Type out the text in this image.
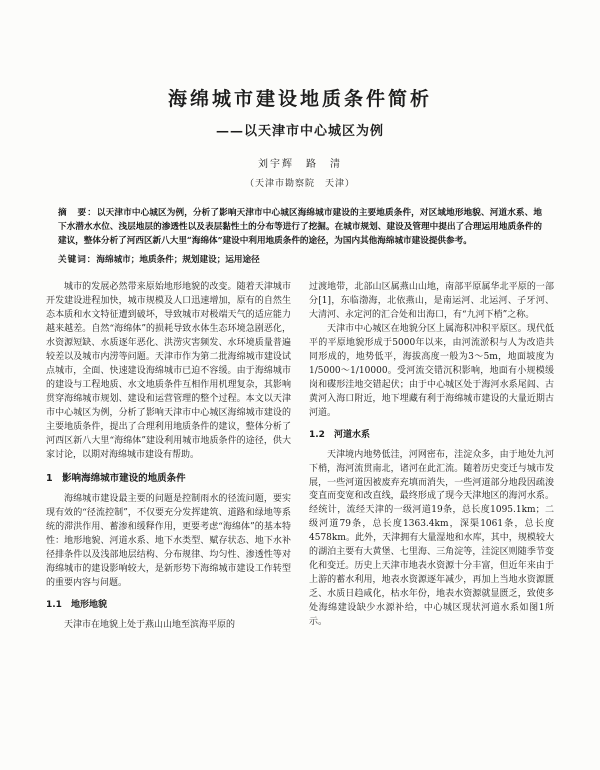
海绵城市建设地质条件简析
——以天津市中心城区为例
刘宇辉　路　清
（天津市勘察院　天津）
摘　要：以天津市中心城区为例，分析了影响天津市中心城区海绵城市建设的主要地质条件，对区域地形地貌、河道水系、地下水潜水水位、浅层地层的渗透性以及表层黏性土的分布等进行了挖掘。在城市规划、建设及管理中提出了合理运用地质条件的建议，整体分析了河西区新八大里“海绵体”建设中利用地质条件的途径，为国内其他海绵城市建设提供参考。
关键词：海绵城市；地质条件；规划建设；运用途径

城市的发展必然带来原始地形地貌的改变。随着天津城市开发建设进程加快，城市规模及人口迅速增加，原有的自然生态本质和水文特征遭到破坏，导致城市对极端天气的适应能力越来越差。自然“海绵体”的损耗导致水体生态环境急剧恶化，水资源短缺、水质逐年恶化、洪涝灾害频发、水环境质量普遍较差以及城市内涝等问题。天津市作为第二批海绵城市建设试点城市，全面、快速建设海绵城市已迫不容缓。由于海绵城市的建设与工程地质、水文地质条件互相作用机理复杂，其影响贯穿海绵城市规划、建设和运营管理的整个过程。本文以天津市中心城区为例，分析了影响天津市中心城区海绵城市建设的主要地质条件，提出了合理利用地质条件的建议，整体分析了河西区新八大里“海绵体”建设利用城市地质条件的途径，供大家讨论，以期对海绵城市建设有帮助。

1　影响海绵城市建设的地质条件

海绵城市建设最主要的问题是控制雨水的径流问题，要实现有效的“径流控制”，不仅要充分发挥建筑、道路和绿地等系统的滞洪作用、蓄渗和缓释作用，更要考虑“海绵体”的基本特性：地形地貌、河道水系、地下水类型、赋存状态、地下水补径排条件以及浅部地层结构、分布规律、均匀性、渗透性等对海绵城市的建设影响较大，是新形势下海绵城市建设工作转型的重要内容与问题。

1.1　地形地貌

天津市在地貌上处于燕山山地至滨海平原的

过渡地带，北部山区属燕山山地，南部平原属华北平原的一部分[1]，东临渤海，北依燕山，是南运河、北运河、子牙河、大清河、永定河的汇合处和出海口，有“九河下梢”之称。

天津市中心城区在地貌分区上属海积冲积平原区。现代低平的平原地貌形成于5000年以来，由河流淤积与人为改造共同形成的，地势低平，海拔高度一般为3～5m，地面坡度为1/5000～1/10000。受河流交错沉积影响，地面有小规模缓岗和碟形洼地交错起伏；由于中心城区处于海河水系尾闾、古黄河入海口附近，地下埋藏有利于海绵城市建设的大量近期古河道。

1.2　河道水系

天津境内地势低洼，河网密布，洼淀众多，由于地处九河下梢，海河流贯南北，诸河在此汇流。随着历史变迁与城市发展，一些河道因被废弃充填而消失，一些河道部分地段因疏浚变直而变宽和改直线，最终形成了现今天津地区的海河水系。经统计，流经天津的一级河道19条，总长度1095.1km；二级河道79条，总长度1363.4km，深渠1061条，总长度4578km。此外，天津拥有大量湿地和水库，其中，规模较大的湖泊主要有大黄堡、七里海、三角淀等，洼淀区则随季节变化和变迁。历史上天津市地表水资源十分丰富，但近年来由于上游的蓄水利用，地表水资源逐年减少，再加上当地水资源匮乏、水质日趋咸化，枯水年份，地表水资源就显匮乏，致使多处海绵建设缺少水源补给，中心城区现状河道水系如图1所示。
